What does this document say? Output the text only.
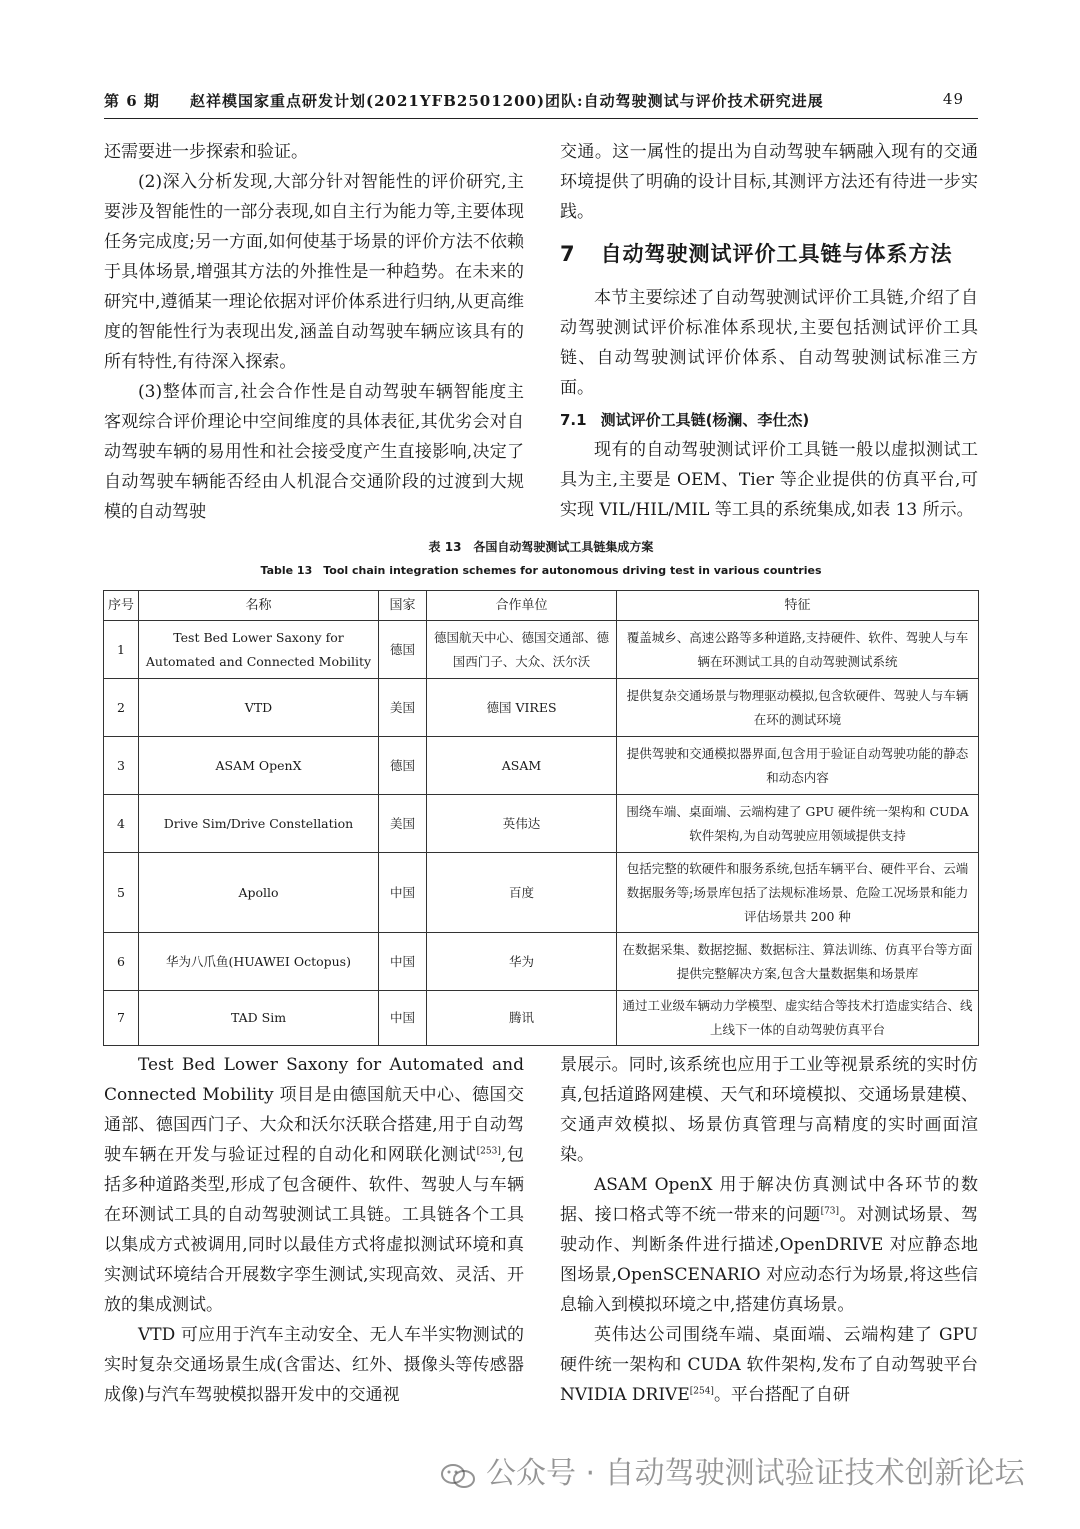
第 6 期 赵祥模国家重点研发计划(2021YFB2501200)团队:自动驾驶测试与评价技术研究进展	49

还需要进一步探索和验证。

(2)深入分析发现,大部分针对智能性的评价研究,主要涉及智能性的一部分表现,如自主行为能力等,主要体现任务完成度;另一方面,如何使基于场景的评价方法不依赖于具体场景,增强其方法的外推性是一种趋势。在未来的研究中,遵循某一理论依据对评价体系进行归纳,从更高维度的智能性行为表现出发,涵盖自动驾驶车辆应该具有的所有特性,有待深入探索。

(3)整体而言,社会合作性是自动驾驶车辆智能度主客观综合评价理论中空间维度的具体表征,其优劣会对自动驾驶车辆的易用性和社会接受度产生直接影响,决定了自动驾驶车辆能否经由人机混合交通阶段的过渡到大规模的自动驾驶

交通。这一属性的提出为自动驾驶车辆融入现有的交通环境提供了明确的设计目标,其测评方法还有待进一步实践。

7 自动驾驶测试评价工具链与体系方法

本节主要综述了自动驾驶测试评价工具链,介绍了自动驾驶测试评价标准体系现状,主要包括测试评价工具链、自动驾驶测试评价体系、自动驾驶测试标准三方面。

7.1 测试评价工具链(杨澜、李仕杰)

现有的自动驾驶测试评价工具链一般以虚拟测试工具为主,主要是 OEM、Tier 等企业提供的仿真平台,可实现 VIL/HIL/MIL 等工具的系统集成,如表 13 所示。

表 13　各国自动驾驶测试工具链集成方案
Table 13　Tool chain integration schemes for autonomous driving test in various countries
序号	名称	国家	合作单位	特征
1	Test Bed Lower Saxony for Automated and Connected Mobility	德国	德国航天中心、德国交通部、德国西门子、大众、沃尔沃	覆盖城乡、高速公路等多种道路,支持硬件、软件、驾驶人与车辆在环测试工具的自动驾驶测试系统
2	VTD	美国	德国 VIRES	提供复杂交通场景与物理驱动模拟,包含软硬件、驾驶人与车辆在环的测试环境
3	ASAM OpenX	德国	ASAM	提供驾驶和交通模拟器界面,包含用于验证自动驾驶功能的静态和动态内容
4	Drive Sim/Drive Constellation	美国	英伟达	围绕车端、桌面端、云端构建了 GPU 硬件统一架构和 CUDA 软件架构,为自动驾驶应用领域提供支持
5	Apollo	中国	百度	包括完整的软硬件和服务系统,包括车辆平台、硬件平台、云端数据服务等;场景库包括了法规标准场景、危险工况场景和能力评估场景共 200 种
6	华为八爪鱼(HUAWEI Octopus)	中国	华为	在数据采集、数据挖掘、数据标注、算法训练、仿真平台等方面提供完整解决方案,包含大量数据集和场景库
7	TAD Sim	中国	腾讯	通过工业级车辆动力学模型、虚实结合等技术打造虚实结合、线上线下一体的自动驾驶仿真平台

Test Bed Lower Saxony for Automated and Connected Mobility 项目是由德国航天中心、德国交通部、德国西门子、大众和沃尔沃联合搭建,用于自动驾驶车辆在开发与验证过程的自动化和网联化测试[253],包括多种道路类型,形成了包含硬件、软件、驾驶人与车辆在环测试工具的自动驾驶测试工具链。工具链各个工具以集成方式被调用,同时以最佳方式将虚拟测试环境和真实测试环境结合开展数字孪生测试,实现高效、灵活、开放的集成测试。

VTD 可应用于汽车主动安全、无人车半实物测试的实时复杂交通场景生成(含雷达、红外、摄像头等传感器成像)与汽车驾驶模拟器开发中的交通视

景展示。同时,该系统也应用于工业等视景系统的实时仿真,包括道路网建模、天气和环境模拟、交通场景建模、交通声效模拟、场景仿真管理与高精度的实时画面渲染。

ASAM OpenX 用于解决仿真测试中各环节的数据、接口格式等不统一带来的问题[73]。对测试场景、驾驶动作、判断条件进行描述,OpenDRIVE 对应静态地图场景,OpenSCENARIO 对应动态行为场景,将这些信息输入到模拟环境之中,搭建仿真场景。

英伟达公司围绕车端、桌面端、云端构建了 GPU 硬件统一架构和 CUDA 软件架构,发布了自动驾驶平台 NVIDIA DRIVE[254]。平台搭配了自研

公众号 · 自动驾驶测试验证技术创新论坛
